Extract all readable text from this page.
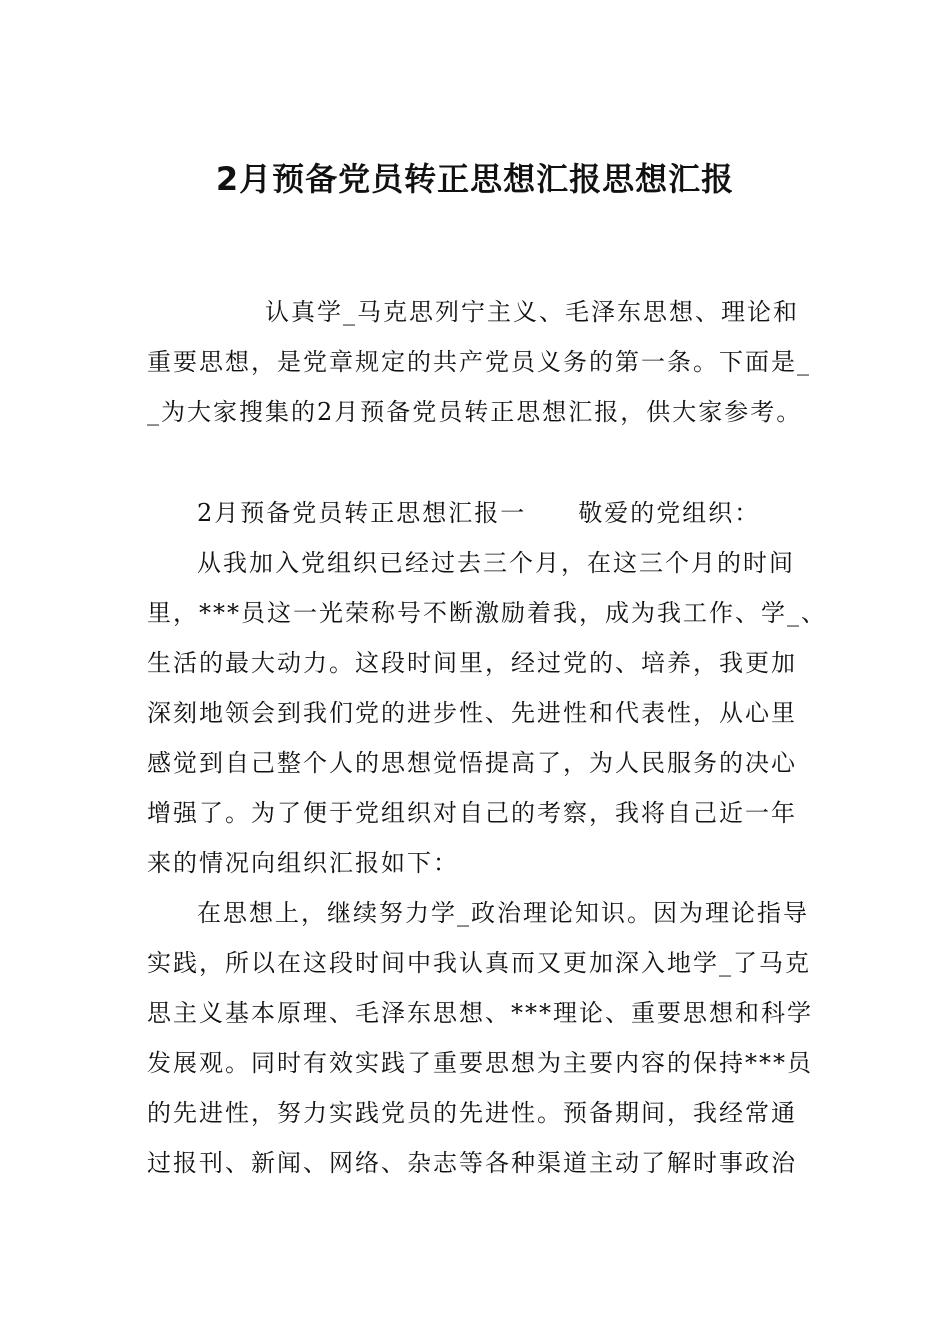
2月预备党员转正思想汇报思想汇报
认真学_马克思列宁主义、毛泽东思想、理论和
重要思想，是党章规定的共产党员义务的第一条。下面是_
_为大家搜集的2月预备党员转正思想汇报，供大家参考。
2月预备党员转正思想汇报一 敬爱的党组织：
从我加入党组织已经过去三个月，在这三个月的时间
里，***员这一光荣称号不断激励着我，成为我工作、学_、
生活的最大动力。这段时间里，经过党的、培养，我更加
深刻地领会到我们党的进步性、先进性和代表性，从心里
感觉到自己整个人的思想觉悟提高了，为人民服务的决心
增强了。为了便于党组织对自己的考察，我将自己近一年
来的情况向组织汇报如下：
在思想上，继续努力学_政治理论知识。因为理论指导
实践，所以在这段时间中我认真而又更加深入地学_了马克
思主义基本原理、毛泽东思想、***理论、重要思想和科学
发展观。同时有效实践了重要思想为主要内容的保持***员
的先进性，努力实践党员的先进性。预备期间，我经常通
过报刊、新闻、网络、杂志等各种渠道主动了解时事政治
